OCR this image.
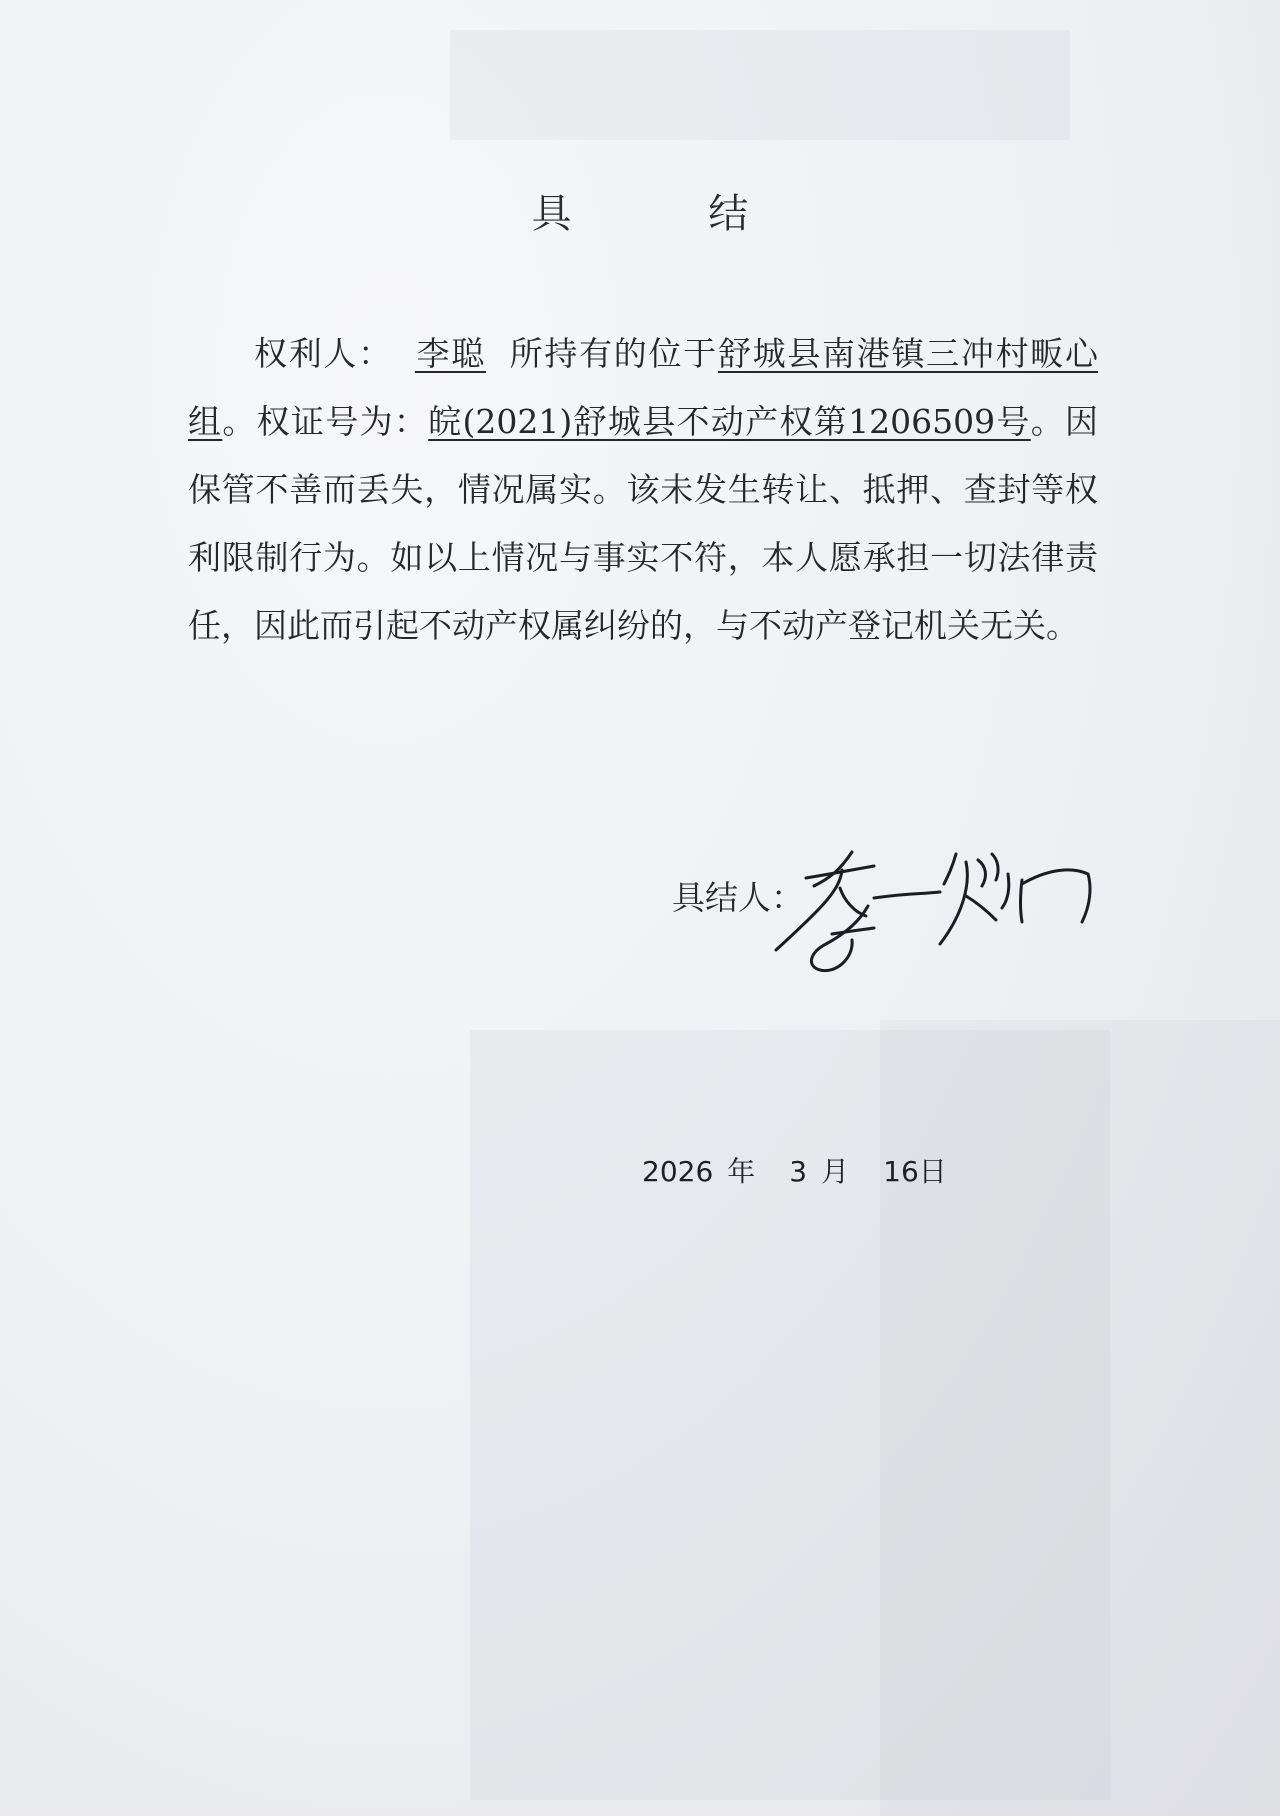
具 结

权利人： 李聪 所持有的位于舒城县南港镇三冲村畈心组。权证号为：皖(2021)舒城县不动产权第1206509号。因保管不善而丢失，情况属实。该未发生转让、抵押、查封等权利限制行为。如以上情况与事实不符，本人愿承担一切法律责任，因此而引起不动产权属纠纷的，与不动产登记机关无关。

具结人：
2026 年 3 月 16日
